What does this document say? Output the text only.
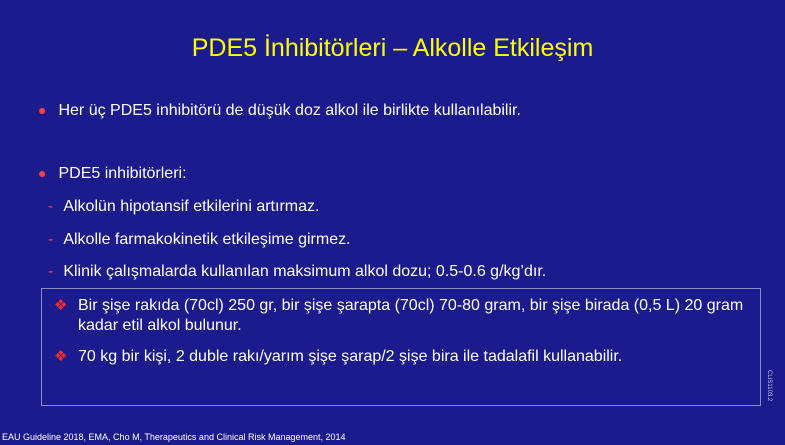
PDE5 İnhibitörleri – Alkolle Etkileşim
● Her üç PDE5 inhibitörü de düşük doz alkol ile birlikte kullanılabilir.
● PDE5 inhibitörleri:
- Alkolün hipotansif etkilerini artırmaz.
- Alkolle farmakokinetik etkileşime girmez.
- Klinik çalışmalarda kullanılan maksimum alkol dozu; 0.5-0.6 g/kg’dır.
❖ Bir şişe rakıda (70cl) 250 gr, bir şişe şarapta (70cl) 70-80 gram, bir şişe birada (0,5 L) 20 gram kadar etil alkol bulunur.
❖ 70 kg bir kişi, 2 duble rakı/yarım şişe şarap/2 şişe bira ile tadalafil kullanabilir.
CLIS1103.2
EAU Guideline 2018, EMA, Cho M, Therapeutics and Clinical Risk Management, 2014
